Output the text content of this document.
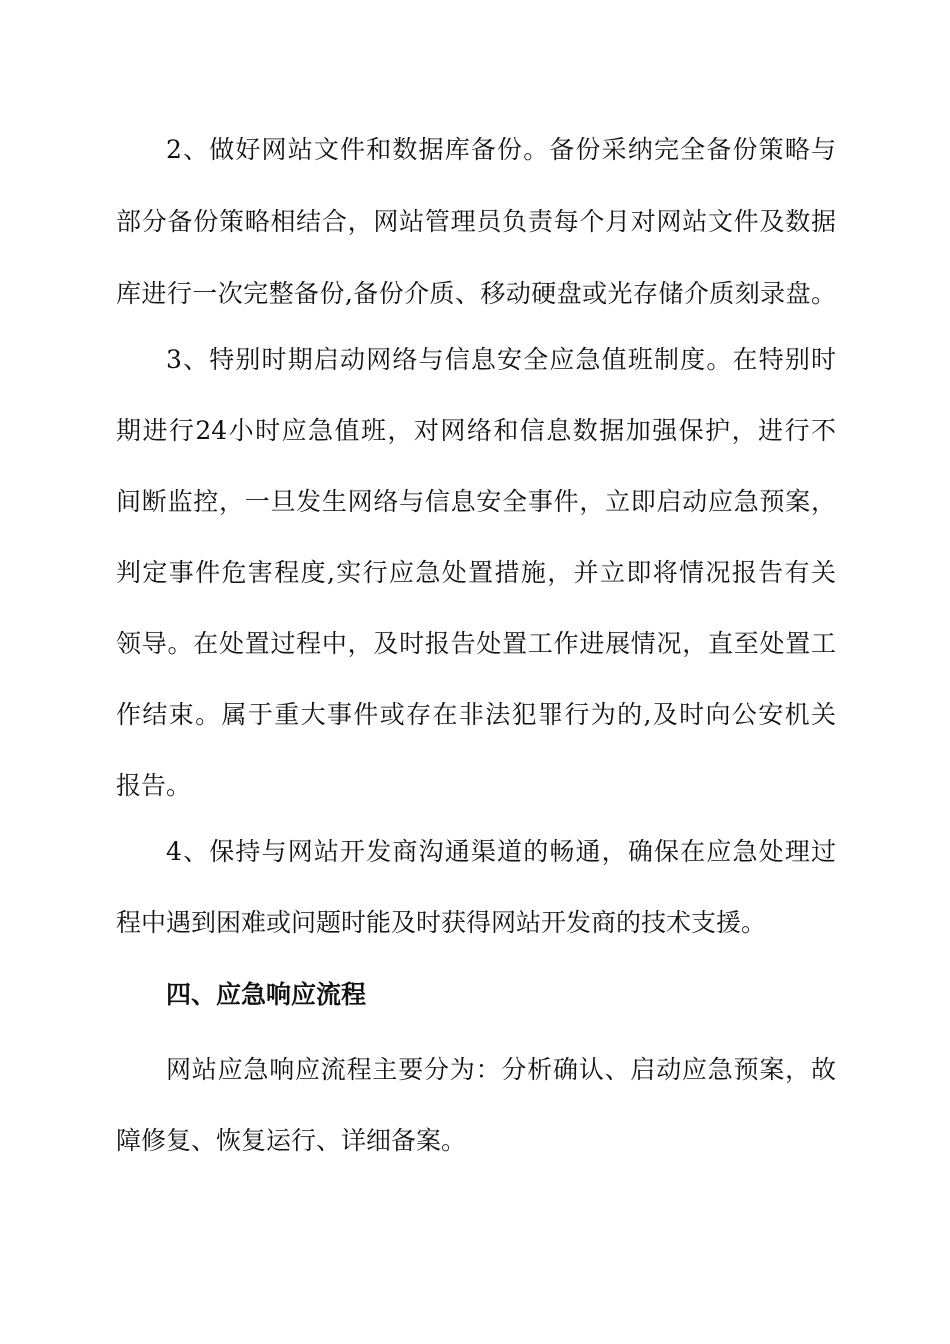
2、做好网站文件和数据库备份。备份采纳完全备份策略与
部分备份策略相结合，网站管理员负责每个月对网站文件及数据
库进行一次完整备份,备份介质、移动硬盘或光存储介质刻录盘。
3、特别时期启动网络与信息安全应急值班制度。在特别时
期进行24小时应急值班，对网络和信息数据加强保护，进行不
间断监控，一旦发生网络与信息安全事件，立即启动应急预案，
判定事件危害程度,实行应急处置措施，并立即将情况报告有关
领导。在处置过程中，及时报告处置工作进展情况，直至处置工
作结束。属于重大事件或存在非法犯罪行为的,及时向公安机关
报告。
4、保持与网站开发商沟通渠道的畅通，确保在应急处理过
程中遇到困难或问题时能及时获得网站开发商的技术支援。
四、应急响应流程
网站应急响应流程主要分为：分析确认、启动应急预案，故
障修复、恢复运行、详细备案。
